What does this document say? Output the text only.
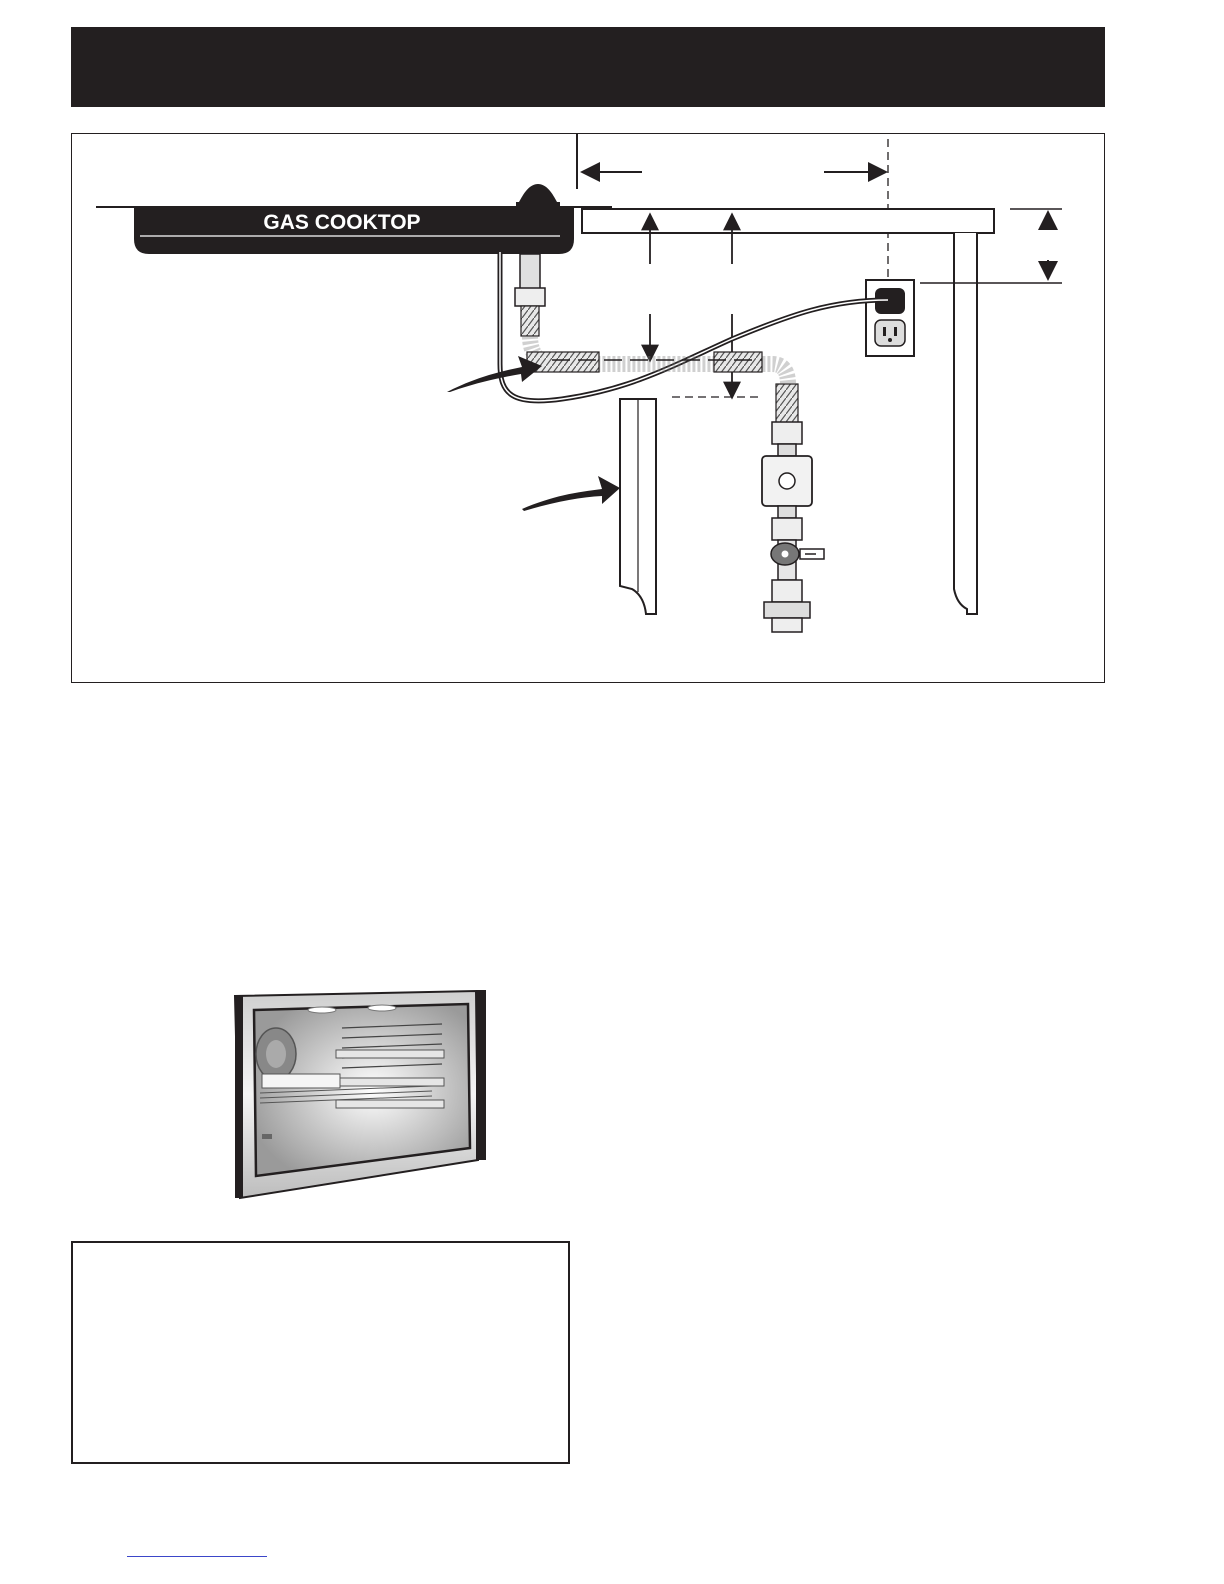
GAS COOKTOP
